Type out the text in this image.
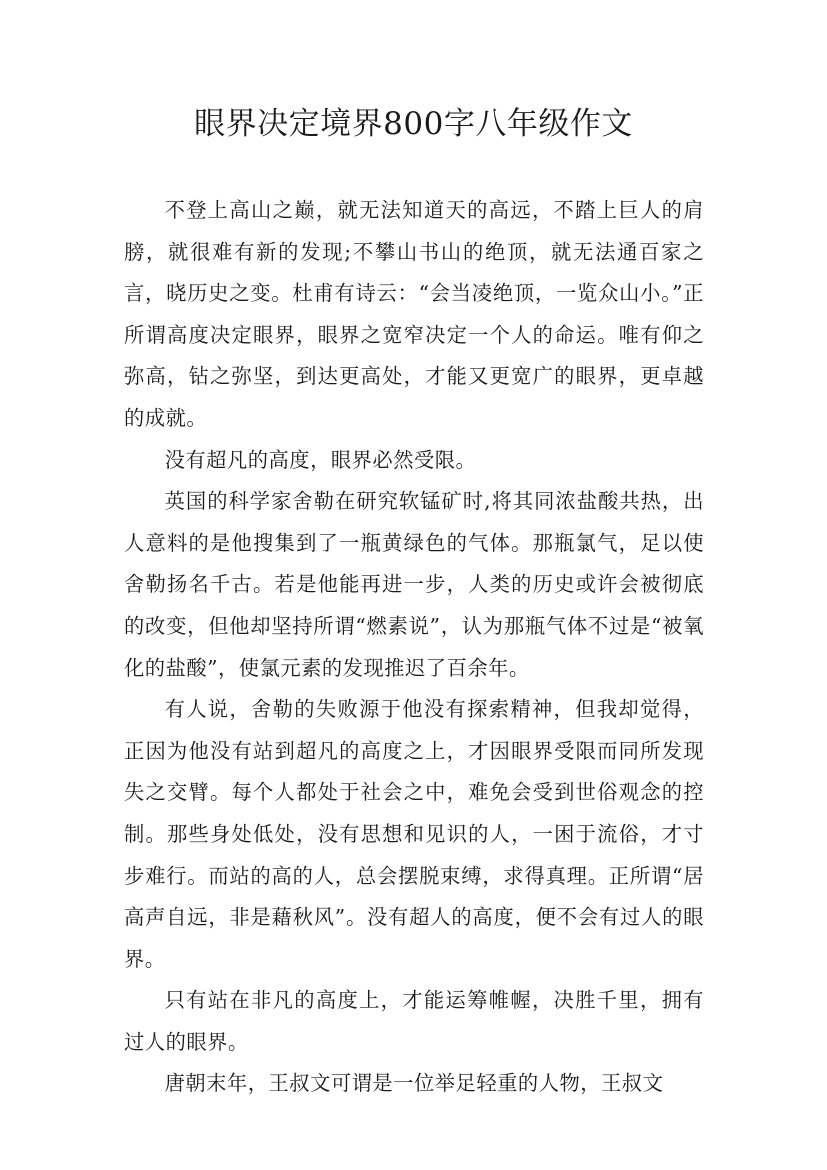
眼界决定境界800字八年级作文

不登上高山之巅，就无法知道天的高远，不踏上巨人的肩膀，就很难有新的发现;不攀山书山的绝顶，就无法通百家之言，晓历史之变。杜甫有诗云：“会当凌绝顶，一览众山小。”正所谓高度决定眼界，眼界之宽窄决定一个人的命运。唯有仰之弥高，钻之弥坚，到达更高处，才能又更宽广的眼界，更卓越的成就。

没有超凡的高度，眼界必然受限。

英国的科学家舍勒在研究软锰矿时,将其同浓盐酸共热，出人意料的是他搜集到了一瓶黄绿色的气体。那瓶氯气，足以使舍勒扬名千古。若是他能再进一步，人类的历史或许会被彻底的改变，但他却坚持所谓“燃素说”，认为那瓶气体不过是“被氧化的盐酸”，使氯元素的发现推迟了百余年。

有人说，舍勒的失败源于他没有探索精神，但我却觉得，正因为他没有站到超凡的高度之上，才因眼界受限而同所发现失之交臂。每个人都处于社会之中，难免会受到世俗观念的控制。那些身处低处，没有思想和见识的人，一困于流俗，才寸步难行。而站的高的人，总会摆脱束缚，求得真理。正所谓“居高声自远，非是藉秋风”。没有超人的高度，便不会有过人的眼界。

只有站在非凡的高度上，才能运筹帷幄，决胜千里，拥有过人的眼界。

唐朝末年，王叔文可谓是一位举足轻重的人物，王叔文
